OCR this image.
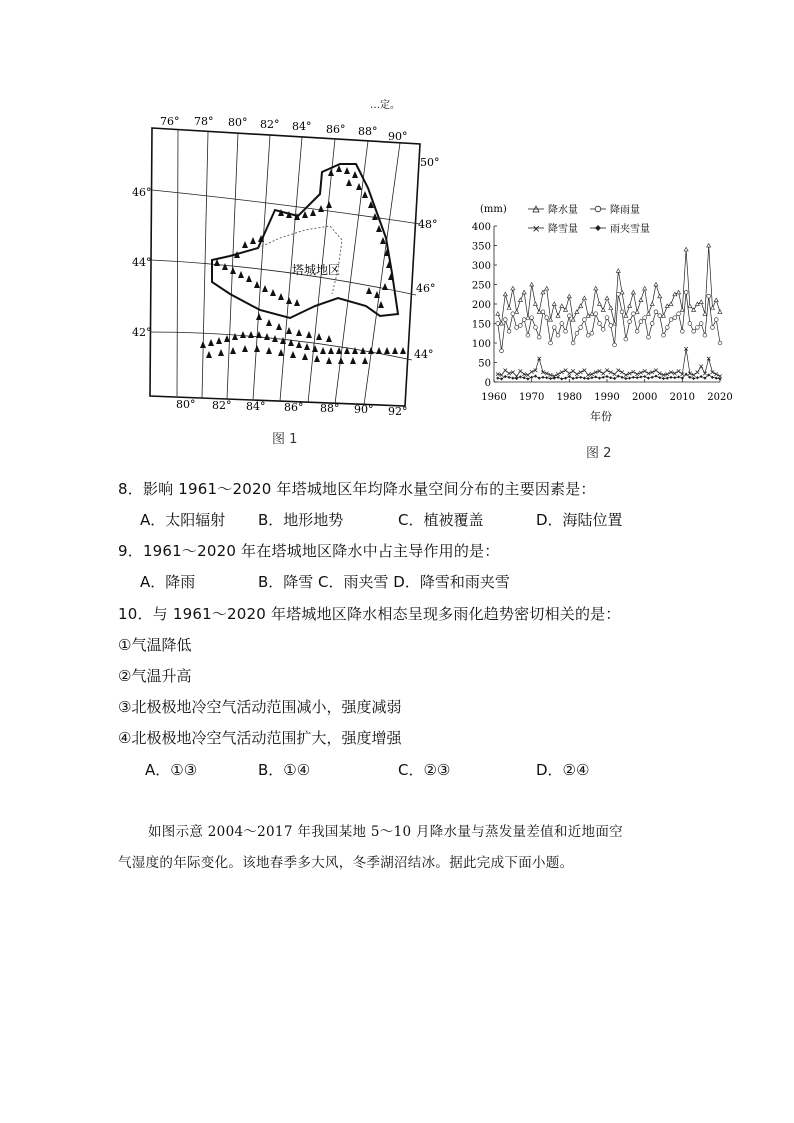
…定。
塔城地区
76° 78° 80° 82° 84° 86° 88° 90°
80° 82° 84° 86° 88° 90° 92°
46°
44°
42°
50°
48°
46°
44°
图 1
(mm)	降水量	降雨量
× 降雪量	雨夹雪量
400
350
300
250
200
150
100
50
0
1960 1970 1980 1990 2000 2010 2020
年份
图 2
8．影响 1961～2020 年塔城地区年均降水量空间分布的主要因素是：
A．太阳辐射 B．地形地势	C．植被覆盖	D．海陆位置
9．1961～2020 年在塔城地区降水中占主导作用的是：
A．降雨	B．降雪 C．雨夹雪 D．降雪和雨夹雪
10．与 1961～2020 年塔城地区降水相态呈现多雨化趋势密切相关的是：
①气温降低
②气温升高
③北极极地冷空气活动范围减小，强度减弱
④北极极地冷空气活动范围扩大，强度增强
A．①③	B．①④	C．②③	D．②④
如图示意 2004～2017 年我国某地 5～10 月降水量与蒸发量差值和近地面空
气湿度的年际变化。该地春季多大风，冬季湖沼结冰。据此完成下面小题。
